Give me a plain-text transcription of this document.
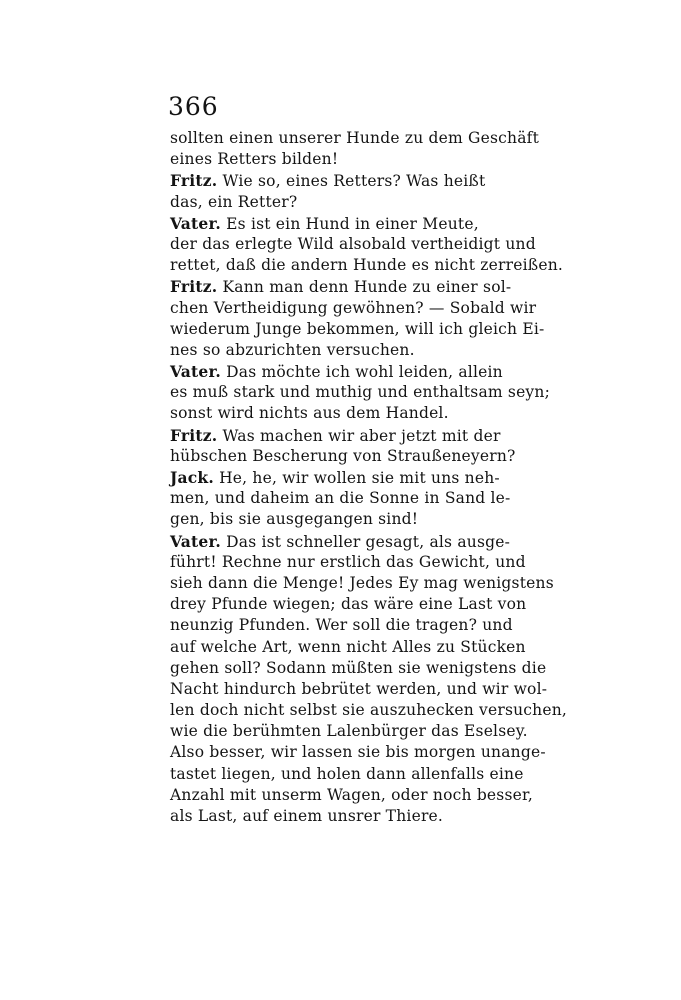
366
sollten einen unserer Hunde zu dem Geschäft
eines Retters bilden!
Fritz. Wie so, eines Retters? Was heißt
das, ein Retter?
Vater. Es ist ein Hund in einer Meute,
der das erlegte Wild alsobald vertheidigt und
rettet, daß die andern Hunde es nicht zerreißen.
Fritz. Kann man denn Hunde zu einer sol-
chen Vertheidigung gewöhnen? — Sobald wir
wiederum Junge bekommen, will ich gleich Ei-
nes so abzurichten versuchen.
Vater. Das möchte ich wohl leiden, allein
es muß stark und muthig und enthaltsam seyn;
sonst wird nichts aus dem Handel.
Fritz. Was machen wir aber jetzt mit der
hübschen Bescherung von Straußeneyern?
Jack. He, he, wir wollen sie mit uns neh-
men, und daheim an die Sonne in Sand le-
gen, bis sie ausgegangen sind!
Vater. Das ist schneller gesagt, als ausge-
führt! Rechne nur erstlich das Gewicht, und
sieh dann die Menge! Jedes Ey mag wenigstens
drey Pfunde wiegen; das wäre eine Last von
neunzig Pfunden. Wer soll die tragen? und
auf welche Art, wenn nicht Alles zu Stücken
gehen soll? Sodann müßten sie wenigstens die
Nacht hindurch bebrütet werden, und wir wol-
len doch nicht selbst sie auszuhecken versuchen,
wie die berühmten Lalenbürger das Eselsey.
Also besser, wir lassen sie bis morgen unange-
tastet liegen, und holen dann allenfalls eine
Anzahl mit unserm Wagen, oder noch besser,
als Last, auf einem unsrer Thiere.
